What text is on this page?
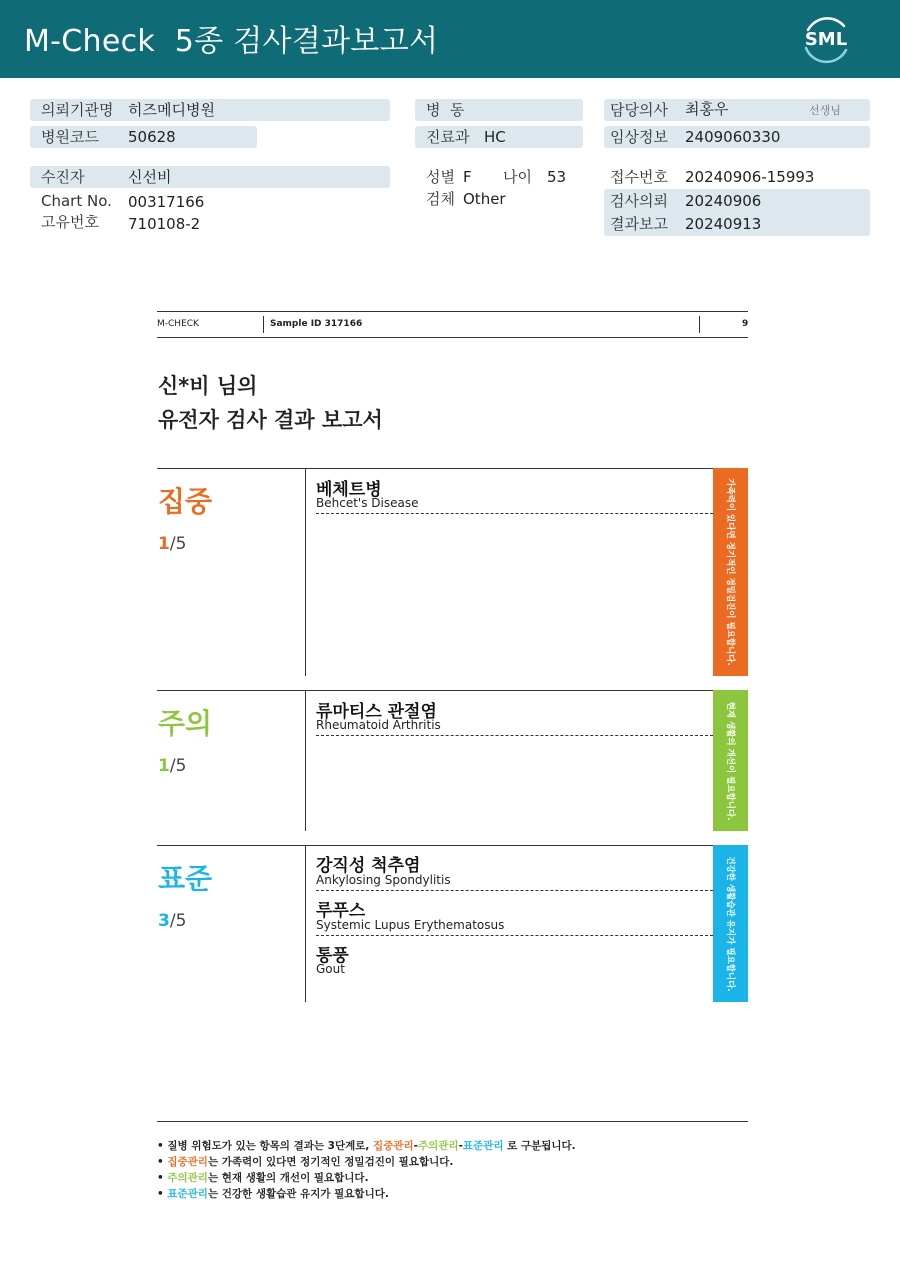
M-Check  5종 검사결과보고서	SML
의뢰기관명 히즈메디병원
병원코드 50628
수진자	신선비
Chart No. 00317166
고유번호 710108-2
병  동
진료과 HC
성별 F 나이 53
검체 Other
담당의사 최홍우	선생님
임상정보 2409060330
접수번호 20240906-15993
검사의뢰 20240906
결과보고 20240913
M-CHECK	Sample ID 317166	9
신*비 님의
유전자 검사 결과 보고서
집중
1/5
베체트병
Behcet's Disease	가족력이 있다면 정기적인 정밀검진이 필요합니다.
주의
1/5
류마티스 관절염
Rheumatoid Arthritis	현재 생활의 개선이 필요합니다.
표준
3/5
강직성 척추염
Ankylosing Spondylitis
루푸스
Systemic Lupus Erythematosus
통풍
Gout	건강한 생활습관 유지가 필요합니다.
• 질병 위험도가 있는 항목의 결과는 3단계로, 집중관리-주의관리-표준관리 로 구분됩니다.
• 집중관리는 가족력이 있다면 정기적인 정밀검진이 필요합니다.
• 주의관리는 현재 생활의 개선이 필요합니다.
• 표준관리는 건강한 생활습관 유지가 필요합니다.
